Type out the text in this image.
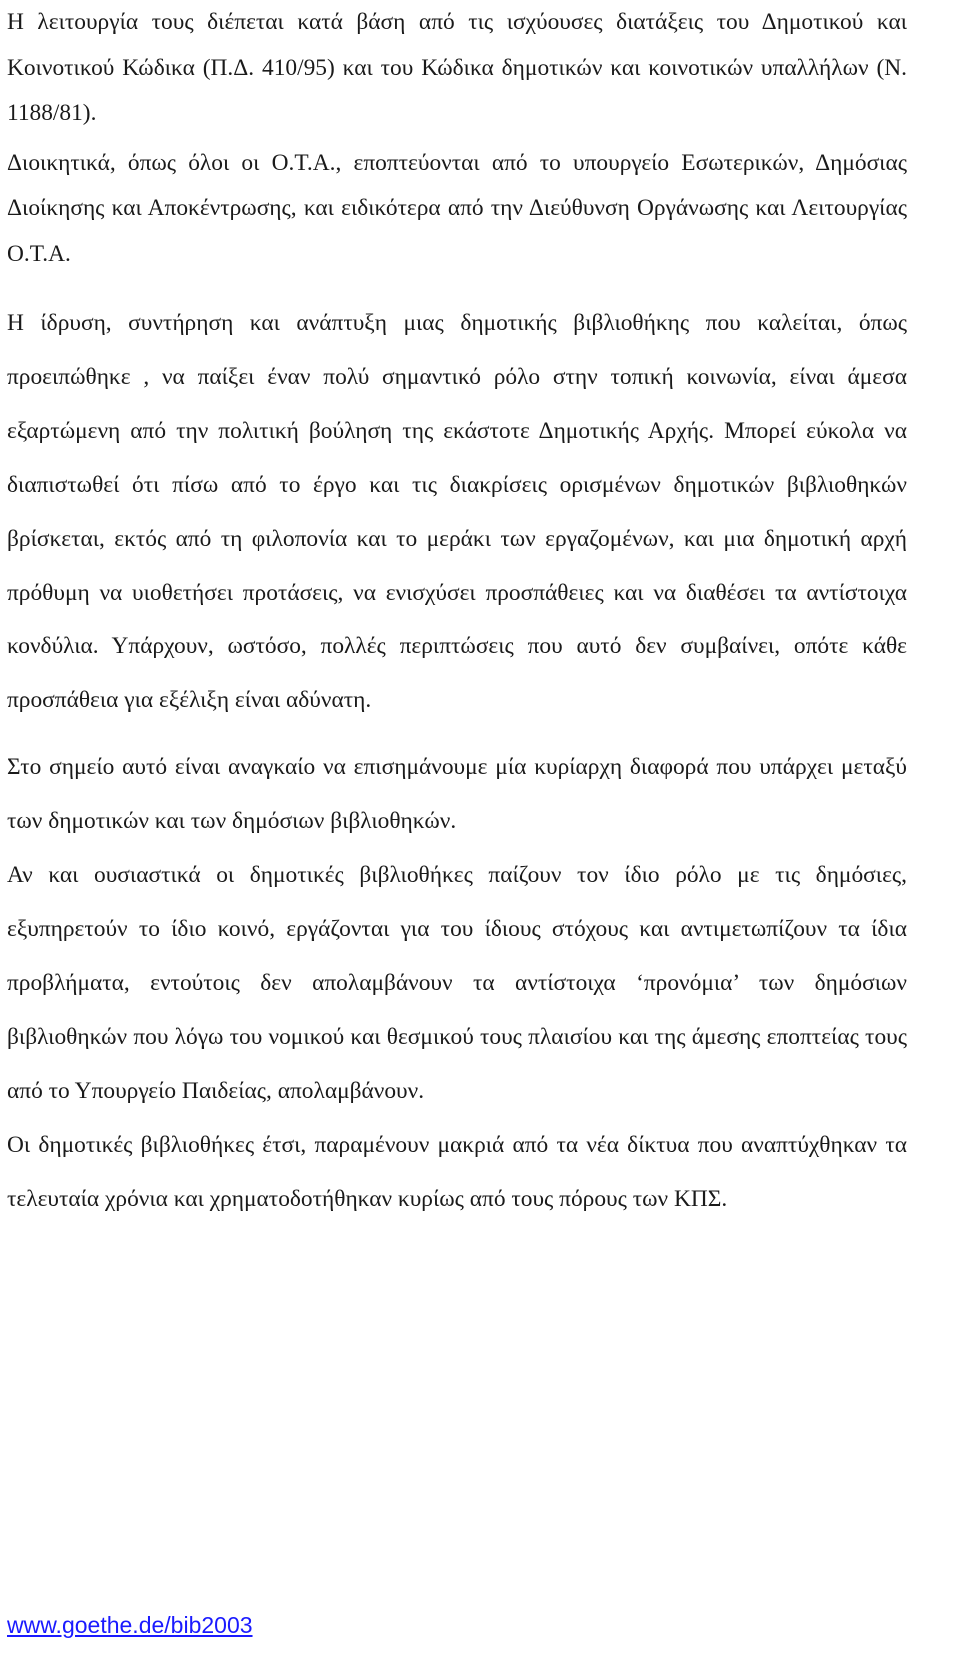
Η λειτουργία τους διέπεται κατά βάση από τις ισχύουσες διατάξεις του Δημοτικού και Κοινοτικού Κώδικα (Π.Δ. 410/95) και του Κώδικα δημοτικών και κοινοτικών υπαλλήλων (Ν. 1188/81).

Διοικητικά, όπως όλοι οι Ο.Τ.Α., εποπτεύονται από το υπουργείο Εσωτερικών, Δημόσιας Διοίκησης και Αποκέντρωσης, και ειδικότερα από την Διεύθυνση Οργάνωσης και Λειτουργίας Ο.Τ.Α.

Η ίδρυση, συντήρηση και ανάπτυξη μιας δημοτικής βιβλιοθήκης που καλείται, όπως προειπώθηκε , να παίξει έναν πολύ σημαντικό ρόλο στην τοπική κοινωνία, είναι άμεσα εξαρτώμενη από την πολιτική βούληση της εκάστοτε Δημοτικής Αρχής. Μπορεί εύκολα να διαπιστωθεί ότι πίσω από το έργο και τις διακρίσεις ορισμένων δημοτικών βιβλιοθηκών βρίσκεται, εκτός από τη φιλοπονία και το μεράκι των εργαζομένων, και μια δημοτική αρχή πρόθυμη να υιοθετήσει προτάσεις, να ενισχύσει προσπάθειες και να διαθέσει τα αντίστοιχα κονδύλια. Υπάρχουν, ωστόσο, πολλές περιπτώσεις που αυτό δεν συμβαίνει, οπότε κάθε προσπάθεια για εξέλιξη είναι αδύνατη.

Στο σημείο αυτό είναι αναγκαίο να επισημάνουμε μία κυρίαρχη διαφορά που υπάρχει μεταξύ των δημοτικών και των δημόσιων βιβλιοθηκών.

Αν και ουσιαστικά οι δημοτικές βιβλιοθήκες παίζουν τον ίδιο ρόλο με τις δημόσιες, εξυπηρετούν το ίδιο κοινό, εργάζονται για του ίδιους στόχους και αντιμετωπίζουν τα ίδια προβλήματα, εντούτοις δεν απολαμβάνουν τα αντίστοιχα ‘προνόμια’ των δημόσιων βιβλιοθηκών που λόγω του νομικού και θεσμικού τους πλαισίου και της άμεσης εποπτείας τους από το Υπουργείο Παιδείας, απολαμβάνουν.

Οι δημοτικές βιβλιοθήκες έτσι, παραμένουν μακριά από τα νέα δίκτυα που αναπτύχθηκαν τα τελευταία χρόνια και χρηματοδοτήθηκαν κυρίως από τους πόρους των ΚΠΣ.

www.goethe.de/bib2003
